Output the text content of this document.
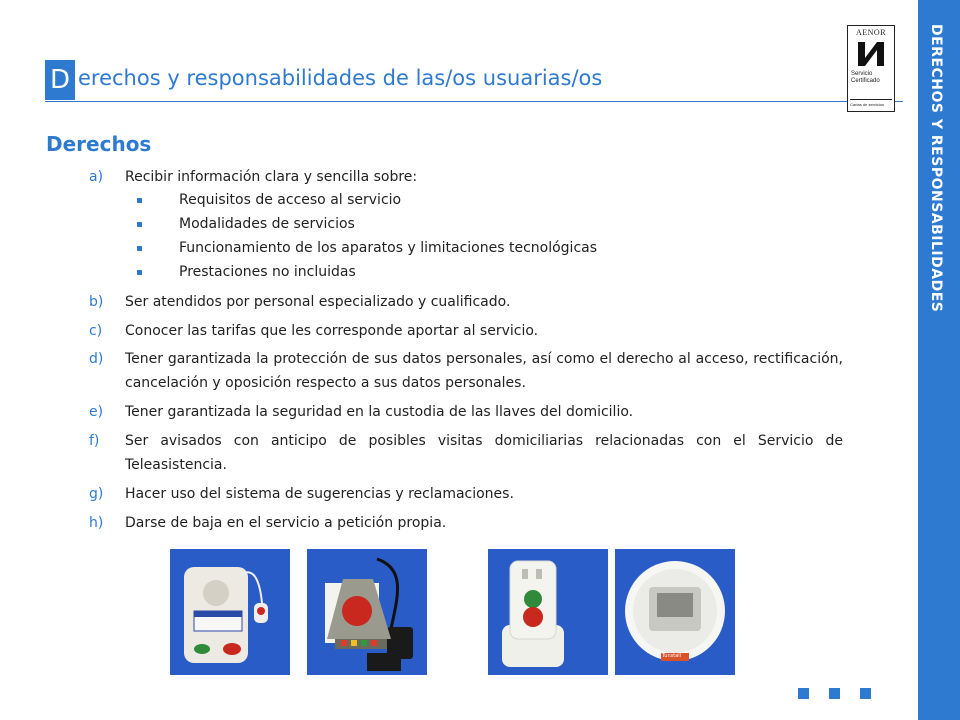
DERECHOS Y RESPONSABILIDADES
D erechos y responsabilidades de las/os usuarias/os
AENOR
Servicio
Certificado
Cartas de servicios
Derechos
a) Recibir información clara y sencilla sobre:
Requisitos de acceso al servicio
Modalidades de servicios
Funcionamiento de los aparatos y limitaciones tecnológicas
Prestaciones no incluidas
b) Ser atendidos por personal especializado y cualificado.
c) Conocer las tarifas que les corresponde aportar al servicio.
d) Tener garantizada la protección de sus datos personales, así como el derecho al acceso, rectificación, cancelación y oposición respecto a sus datos personales.
e) Tener garantizada la seguridad en la custodia de las llaves del domicilio.
f) Ser avisados con anticipo de posibles visitas domiciliarias relacionadas con el Servicio de Teleasistencia.
g) Hacer uso del sistema de sugerencias y reclamaciones.
h) Darse de baja en el servicio a petición propia.
Tunstall
